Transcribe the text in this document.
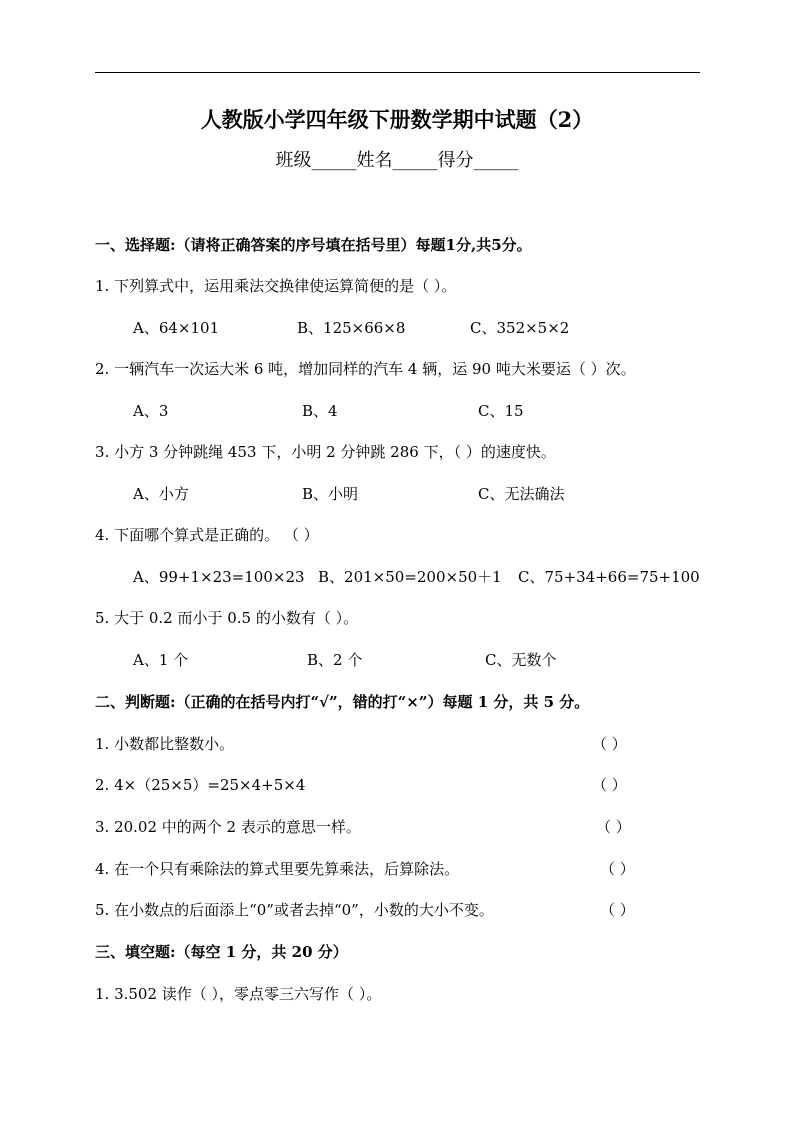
人教版小学四年级下册数学期中试题（2）
班级_____姓名_____得分_____
一、选择题:（请将正确答案的序号填在括号里）每题1分,共5分。
1. 下列算式中，运用乘法交换律使运算简便的是（ ）。
A、64×101	B、125×66×8	C、352×5×2
2. 一辆汽车一次运大米 6 吨，增加同样的汽车 4 辆，运 90 吨大米要运（ ）次。
A、3	B、4	C、15
3. 小方 3 分钟跳绳 453 下，小明 2 分钟跳 286 下，（ ）的速度快。
A、小方	B、小明	C、无法确法
4. 下面哪个算式是正确的。 （ ）
A、99+1×23=100×23 B、201×50=200×50＋1 C、75+34+66=75+100
5. 大于 0.2 而小于 0.5 的小数有（ ）。
A、1 个	B、2 个	C、无数个
二、判断题:（正确的在括号内打“√”，错的打“×”）每题 1 分，共 5 分。
1. 小数都比整数小。	（ ）
2. 4×（25×5）=25×4+5×4	（ ）
3. 20.02 中的两个 2 表示的意思一样。	（ ）
4. 在一个只有乘除法的算式里要先算乘法，后算除法。	（ ）
5. 在小数点的后面添上“0”或者去掉“0”，小数的大小不变。	（ ）
三、填空题:（每空 1 分，共 20 分）
1. 3.502 读作（ ），零点零三六写作（ ）。
